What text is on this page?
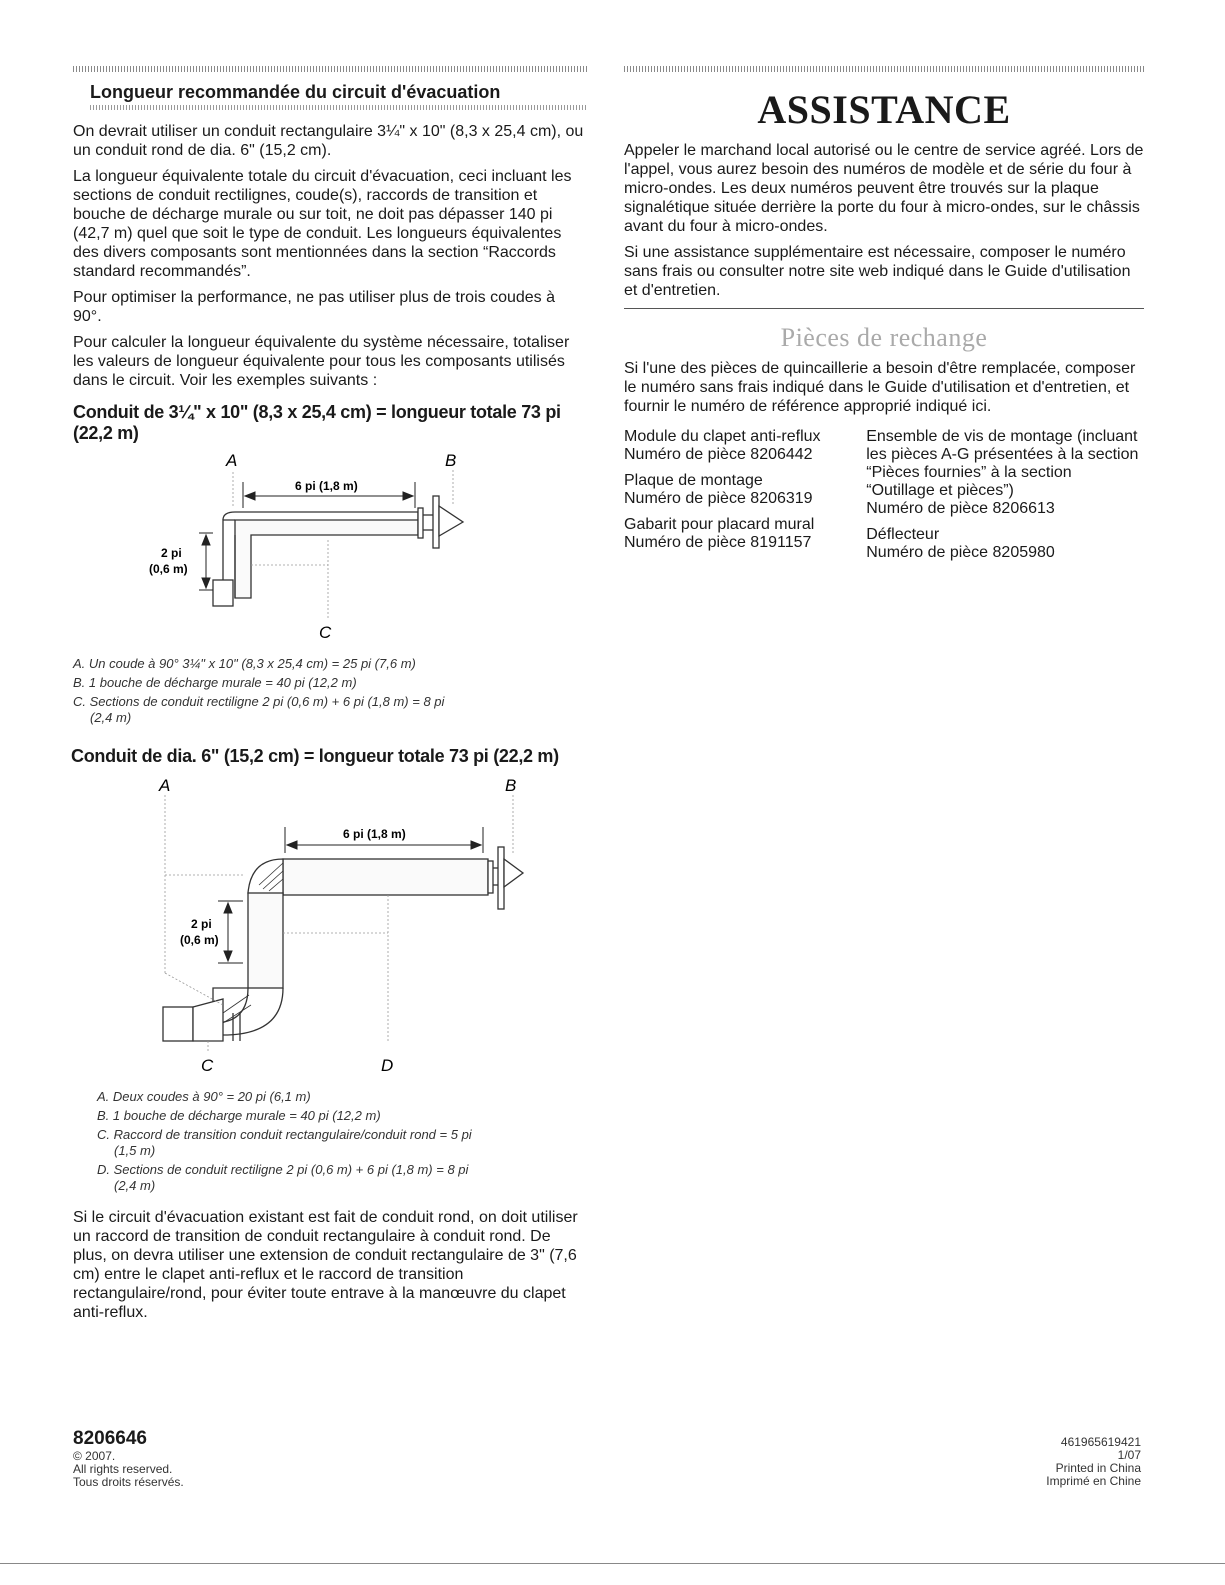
Longueur recommandée du circuit d'évacuation

On devrait utiliser un conduit rectangulaire 3¼" x 10" (8,3 x 25,4 cm), ou un conduit rond de dia. 6" (15,2 cm).

La longueur équivalente totale du circuit d'évacuation, ceci incluant les sections de conduit rectilignes, coude(s), raccords de transition et bouche de décharge murale ou sur toit, ne doit pas dépasser 140 pi (42,7 m) quel que soit le type de conduit. Les longueurs équivalentes des divers composants sont mentionnées dans la section “Raccords standard recommandés”.

Pour optimiser la performance, ne pas utiliser plus de trois coudes à 90°.

Pour calculer la longueur équivalente du système nécessaire, totaliser les valeurs de longueur équivalente pour tous les composants utilisés dans le circuit. Voir les exemples suivants :

Conduit de 3¼" x 10" (8,3 x 25,4 cm) = longueur totale 73 pi (22,2 m)
A	B
C
6 pi (1,8 m)
2 pi
(0,6 m)
A. Un coude à 90° 3¼" x 10" (8,3 x 25,4 cm) = 25 pi (7,6 m)
B. 1 bouche de décharge murale = 40 pi (12,2 m)
C. Sections de conduit rectiligne 2 pi (0,6 m) + 6 pi (1,8 m) = 8 pi
(2,4 m)
Conduit de dia. 6" (15,2 cm) = longueur totale 73 pi (22,2 m)
A	B
6 pi (1,8 m)
2 pi
(0,6 m)
C	D
A. Deux coudes à 90° = 20 pi (6,1 m)
B. 1 bouche de décharge murale = 40 pi (12,2 m)
C. Raccord de transition conduit rectangulaire/conduit rond = 5 pi
(1,5 m)
D. Sections de conduit rectiligne 2 pi (0,6 m) + 6 pi (1,8 m) = 8 pi
(2,4 m)

Si le circuit d'évacuation existant est fait de conduit rond, on doit utiliser un raccord de transition de conduit rectangulaire à conduit rond. De plus, on devra utiliser une extension de conduit rectangulaire de 3" (7,6 cm) entre le clapet anti-reflux et le raccord de transition rectangulaire/rond, pour éviter toute entrave à la manœuvre du clapet anti-reflux.

ASSISTANCE

Appeler le marchand local autorisé ou le centre de service agréé. Lors de l'appel, vous aurez besoin des numéros de modèle et de série du four à micro-ondes. Les deux numéros peuvent être trouvés sur la plaque signalétique située derrière la porte du four à micro-ondes, sur le châssis avant du four à micro-ondes.

Si une assistance supplémentaire est nécessaire, composer le numéro sans frais ou consulter notre site web indiqué dans le Guide d'utilisation et d'entretien.

Pièces de rechange

Si l'une des pièces de quincaillerie a besoin d'être remplacée, composer le numéro sans frais indiqué dans le Guide d'utilisation et d'entretien, et fournir le numéro de référence approprié indiqué ici.

Module du clapet anti-reflux
Numéro de pièce 8206442
Plaque de montage
Numéro de pièce 8206319
Gabarit pour placard mural
Numéro de pièce 8191157
Ensemble de vis de montage (incluant les pièces A-G présentées à la section “Pièces fournies” à la section “Outillage et pièces”)
Numéro de pièce 8206613
Déflecteur
Numéro de pièce 8205980
8206646
© 2007.
All rights reserved.
Tous droits réservés.
461965619421
1/07
Printed in China
Imprimé en Chine
